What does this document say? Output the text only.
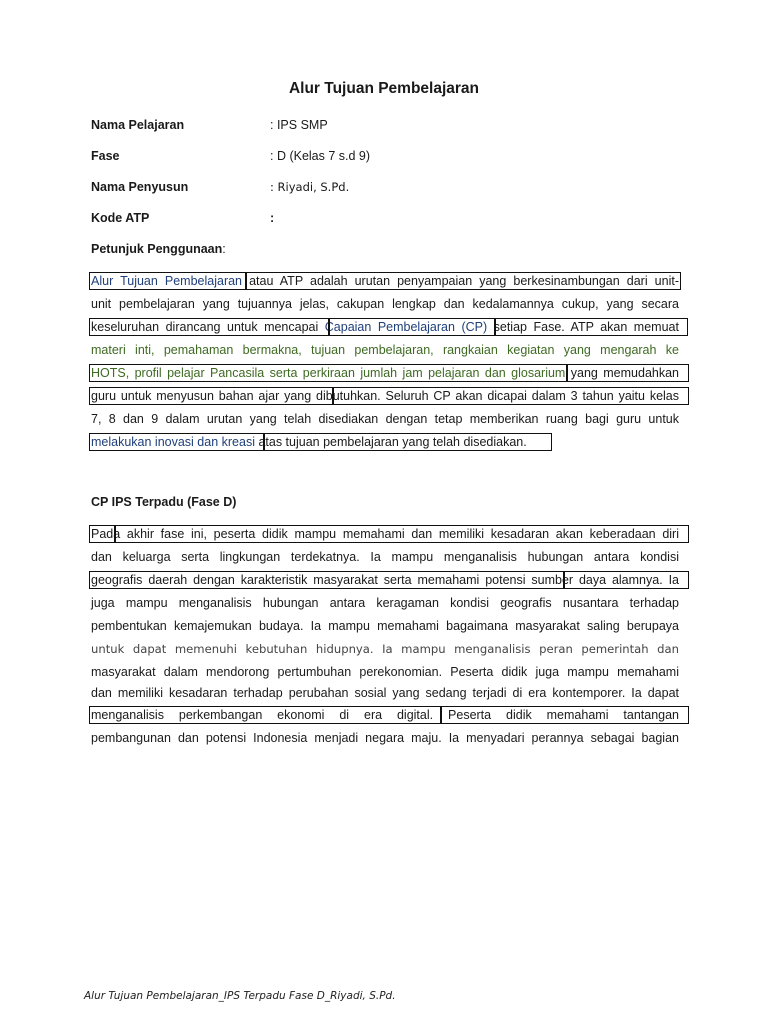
Alur Tujuan Pembelajaran
Nama Pelajaran	: IPS SMP
Fase	: D (Kelas 7 s.d 9)
Nama Penyusun	: Riyadi, S.Pd.
Kode ATP	:
Petunjuk Penggunaan:
Alur Tujuan Pembelajaran atau ATP adalah urutan penyampaian yang berkesinambungan dari unit-
unit pembelajaran yang tujuannya jelas, cakupan lengkap dan kedalamannya cukup, yang secara
keseluruhan dirancang untuk mencapai Capaian Pembelajaran (CP) setiap Fase. ATP akan memuat
materi inti, pemahaman bermakna, tujuan pembelajaran, rangkaian kegiatan yang mengarah ke
HOTS, profil pelajar Pancasila serta perkiraan jumlah jam pelajaran dan glosarium yang memudahkan
guru untuk menyusun bahan ajar yang dibutuhkan. Seluruh CP akan dicapai dalam 3 tahun yaitu kelas
7, 8 dan 9 dalam urutan yang telah disediakan dengan tetap memberikan ruang bagi guru untuk
melakukan inovasi dan kreasi atas tujuan pembelajaran yang telah disediakan.
CP IPS Terpadu (Fase D)
Pada akhir fase ini, peserta didik mampu memahami dan memiliki kesadaran akan keberadaan diri
dan keluarga serta lingkungan terdekatnya. Ia mampu menganalisis hubungan antara kondisi
geografis daerah dengan karakteristik masyarakat serta memahami potensi sumber daya alamnya. Ia
juga mampu menganalisis hubungan antara keragaman kondisi geografis nusantara terhadap
pembentukan kemajemukan budaya. Ia mampu memahami bagaimana masyarakat saling berupaya
untuk dapat memenuhi kebutuhan hidupnya. Ia mampu menganalisis peran pemerintah dan
masyarakat dalam mendorong pertumbuhan perekonomian. Peserta didik juga mampu memahami
dan memiliki kesadaran terhadap perubahan sosial yang sedang terjadi di era kontemporer. Ia dapat
menganalisis perkembangan ekonomi di era digital. Peserta didik memahami tantangan
pembangunan dan potensi Indonesia menjadi negara maju. Ia menyadari perannya sebagai bagian
Alur Tujuan Pembelajaran_IPS Terpadu Fase D_Riyadi, S.Pd.
